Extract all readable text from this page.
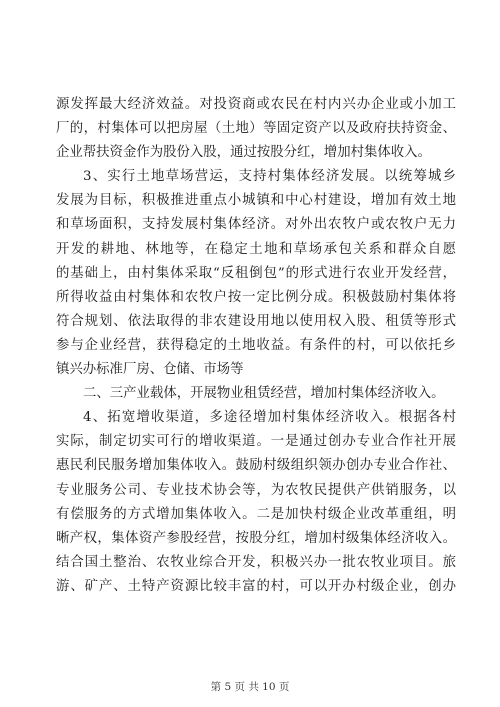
源发挥最大经济效益。对投资商或农民在村内兴办企业或小加工
厂的，村集体可以把房屋（土地）等固定资产以及政府扶持资金、
企业帮扶资金作为股份入股，通过按股分红，增加村集体收入。
3、实行土地草场营运，支持村集体经济发展。以统筹城乡
发展为目标，积极推进重点小城镇和中心村建设，增加有效土地
和草场面积，支持发展村集体经济。对外出农牧户或农牧户无力
开发的耕地、林地等，在稳定土地和草场承包关系和群众自愿
的基础上，由村集体采取“反租倒包”的形式进行农业开发经营，
所得收益由村集体和农牧户按一定比例分成。积极鼓励村集体将
符合规划、依法取得的非农建设用地以使用权入股、租赁等形式
参与企业经营，获得稳定的土地收益。有条件的村，可以依托乡
镇兴办标准厂房、仓储、市场等
二、三产业载体，开展物业租赁经营，增加村集体经济收入。
4、拓宽增收渠道，多途径增加村集体经济收入。根据各村
实际，制定切实可行的增收渠道。一是通过创办专业合作社开展
惠民利民服务增加集体收入。鼓励村级组织领办创办专业合作社、
专业服务公司、专业技术协会等，为农牧民提供产供销服务，以
有偿服务的方式增加集体收入。二是加快村级企业改革重组，明
晰产权，集体资产参股经营，按股分红，增加村级集体经济收入。
结合国土整治、农牧业综合开发，积极兴办一批农牧业项目。旅
游、矿产、土特产资源比较丰富的村，可以开办村级企业，创办
第 5 页 共 10 页
